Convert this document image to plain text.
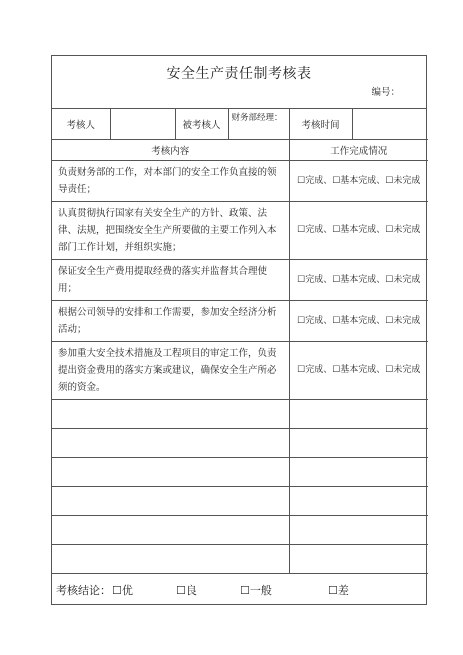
安全生产责任制考核表
编号：
考核人		被考核人	财务部经理：	考核时间	
考核内容				工作完成情况	
负责财务部的工作，对本部门的安全工作负直接的领导责任；				☐完成、☐基本完成、☐未完成	
认真贯彻执行国家有关安全生产的方针、政策、法律、法规，把围绕安全生产所要做的主要工作列入本部门工作计划，并组织实施；				☐完成、☐基本完成、☐未完成	
保证安全生产费用提取经费的落实并监督其合理使用；				☐完成、☐基本完成、☐未完成	
根据公司领导的安排和工作需要，参加安全经济分析活动；				☐完成、☐基本完成、☐未完成	
参加重大安全技术措施及工程项目的审定工作，负责提出资金费用的落实方案或建议，确保安全生产所必须的资金。				☐完成、☐基本完成、☐未完成	

考核结论： ☐优	☐良	☐一般	☐差
